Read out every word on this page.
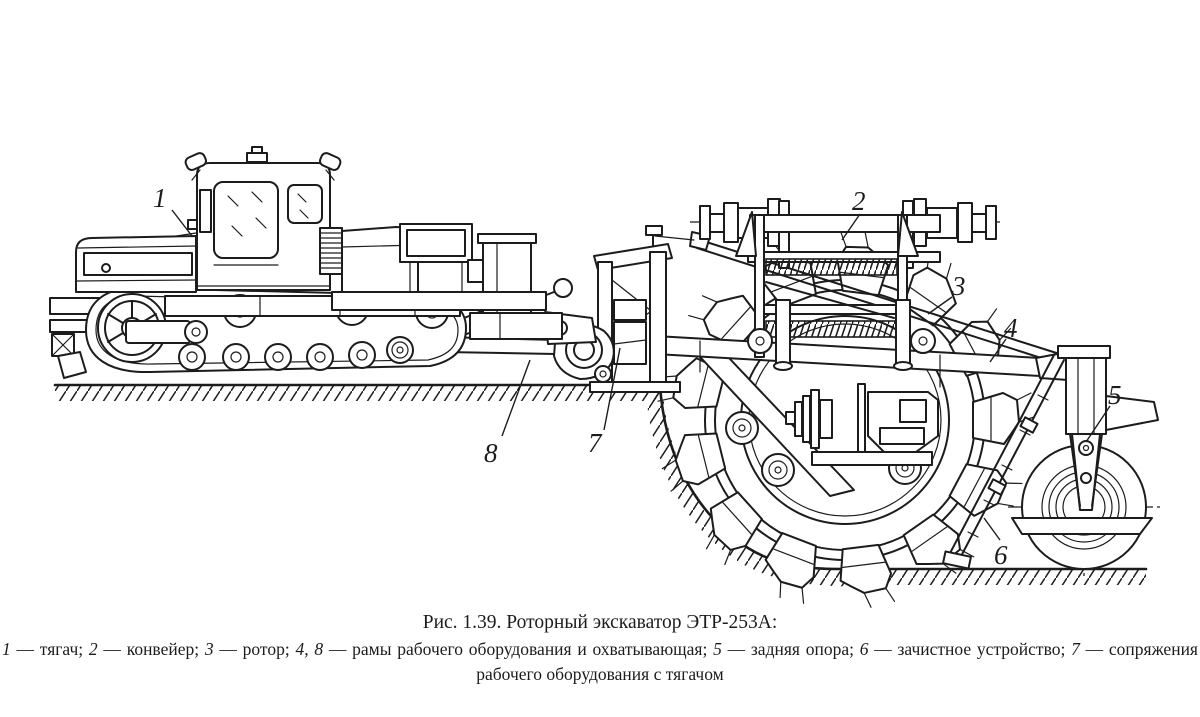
1	2
3
4
5
6
7
8
Рис. 1.39. Роторный экскаватор ЭТР-253А:
1 — тягач; 2 — конвейер; 3 — ротор; 4, 8 — рамы рабочего оборудования и охватывающая; 5 — задняя опора; 6 — зачистное устройство; 7 — сопряжения рабочего оборудования с тягачом
